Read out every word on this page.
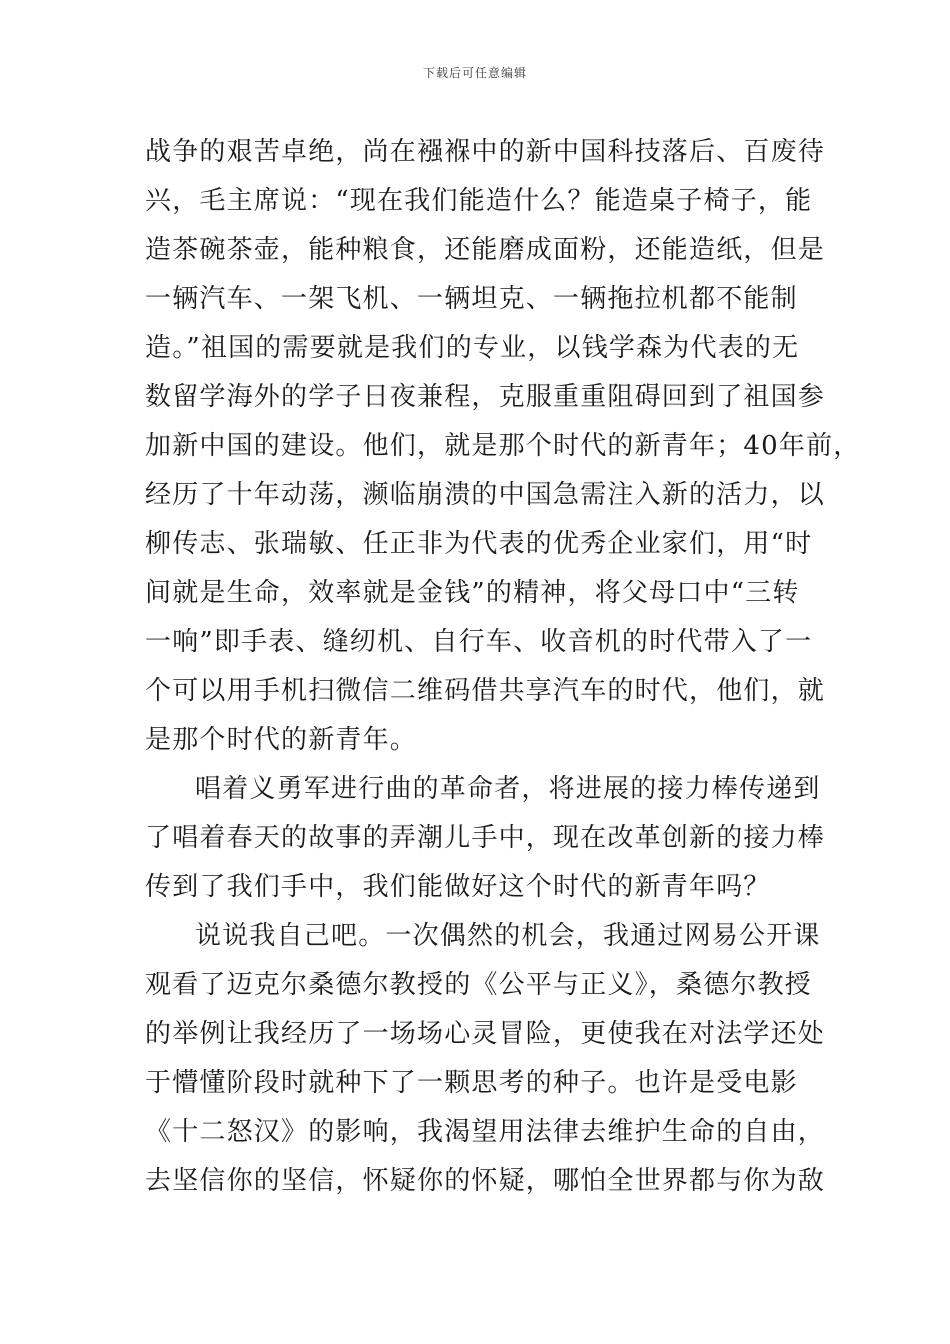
下载后可任意编辑
战争的艰苦卓绝，尚在襁褓中的新中国科技落后、百废待
兴，毛主席说：“现在我们能造什么？能造桌子椅子，能
造茶碗茶壶，能种粮食，还能磨成面粉，还能造纸，但是
一辆汽车、一架飞机、一辆坦克、一辆拖拉机都不能制
造。”祖国的需要就是我们的专业，以钱学森为代表的无
数留学海外的学子日夜兼程，克服重重阻碍回到了祖国参
加新中国的建设。他们，就是那个时代的新青年；40年前，
经历了十年动荡，濒临崩溃的中国急需注入新的活力，以
柳传志、张瑞敏、任正非为代表的优秀企业家们，用“时
间就是生命，效率就是金钱”的精神，将父母口中“三转
一响”即手表、缝纫机、自行车、收音机的时代带入了一
个可以用手机扫微信二维码借共享汽车的时代，他们，就
是那个时代的新青年。
唱着义勇军进行曲的革命者，将进展的接力棒传递到
了唱着春天的故事的弄潮儿手中，现在改革创新的接力棒
传到了我们手中，我们能做好这个时代的新青年吗？
说说我自己吧。一次偶然的机会，我通过网易公开课
观看了迈克尔桑德尔教授的《公平与正义》，桑德尔教授
的举例让我经历了一场场心灵冒险，更使我在对法学还处
于懵懂阶段时就种下了一颗思考的种子。也许是受电影
《十二怒汉》的影响，我渴望用法律去维护生命的自由，
去坚信你的坚信，怀疑你的怀疑，哪怕全世界都与你为敌
